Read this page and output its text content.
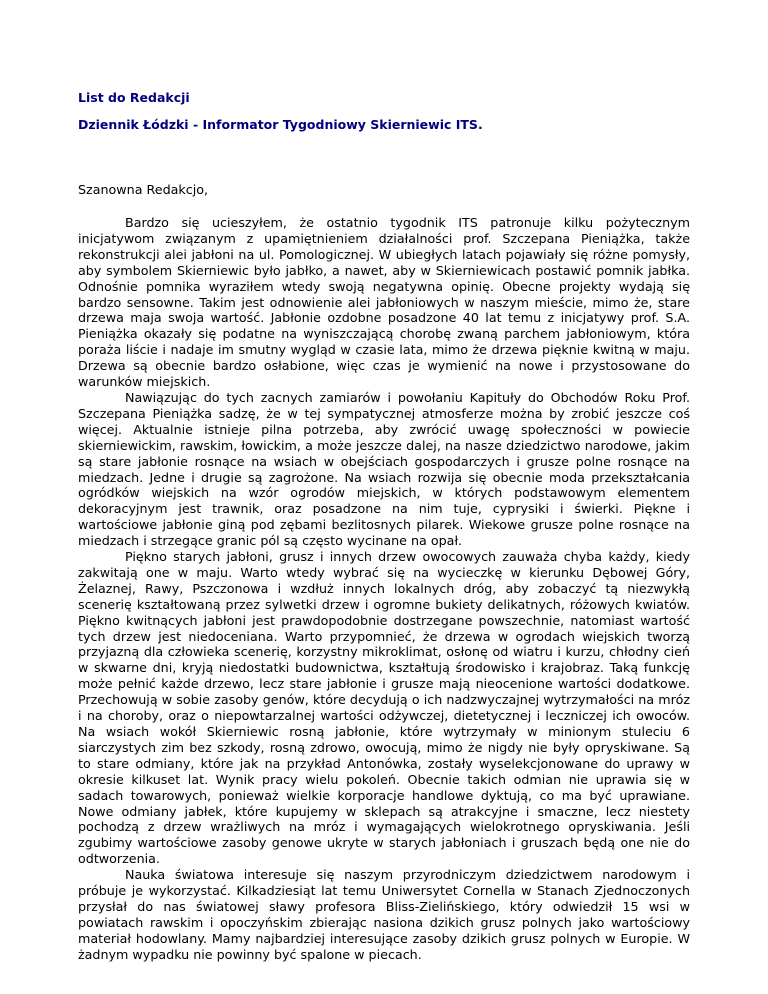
List do Redakcji

Dziennik Łódzki - Informator Tygodniowy Skierniewic ITS.

Szanowna Redakcjo,

Bardzo się ucieszyłem, że ostatnio tygodnik ITS patronuje kilku pożytecznym inicjatywom związanym z upamiętnieniem działalności prof. Szczepana Pieniążka, także rekonstrukcji alei jabłoni na ul. Pomologicznej. W ubiegłych latach pojawiały się różne pomysły, aby symbolem Skierniewic było jabłko, a nawet, aby w Skierniewicach postawić pomnik jabłka. Odnośnie pomnika wyraziłem wtedy swoją negatywna opinię. Obecne projekty wydają się bardzo sensowne. Takim jest odnowienie alei jabłoniowych w naszym mieście, mimo że, stare drzewa maja swoja wartość. Jabłonie ozdobne posadzone 40 lat temu z inicjatywy prof. S.A. Pieniążka okazały się podatne na wyniszczającą chorobę zwaną parchem jabłoniowym, która poraża liście i nadaje im smutny wygląd w czasie lata, mimo że drzewa pięknie kwitną w maju. Drzewa są obecnie bardzo osłabione, więc czas je wymienić na nowe i przystosowane do warunków miejskich.

Nawiązując do tych zacnych zamiarów i powołaniu Kapituły do Obchodów Roku Prof. Szczepana Pieniążka sadzę, że w tej sympatycznej atmosferze można by zrobić jeszcze coś więcej. Aktualnie istnieje pilna potrzeba, aby zwrócić uwagę społeczności w powiecie skierniewickim, rawskim, łowickim, a może jeszcze dalej, na nasze dziedzictwo narodowe, jakim są stare jabłonie rosnące na wsiach w obejściach gospodarczych i grusze polne rosnące na miedzach. Jedne i drugie są zagrożone. Na wsiach rozwija się obecnie moda przekształcania ogródków wiejskich na wzór ogrodów miejskich, w których podstawowym elementem dekoracyjnym jest trawnik, oraz posadzone na nim tuje, cyprysiki i świerki. Piękne i wartościowe jabłonie giną pod zębami bezlitosnych pilarek. Wiekowe grusze polne rosnące na miedzach i strzegące granic pól są często wycinane na opał.

Piękno starych jabłoni, grusz i innych drzew owocowych zauważa chyba każdy, kiedy zakwitają one w maju. Warto wtedy wybrać się na wycieczkę w kierunku Dębowej Góry, Żelaznej, Rawy, Pszczonowa i wzdłuż innych lokalnych dróg, aby zobaczyć tą niezwykłą scenerię kształtowaną przez sylwetki drzew i ogromne bukiety delikatnych, różowych kwiatów. Piękno kwitnących jabłoni jest prawdopodobnie dostrzegane powszechnie, natomiast wartość tych drzew jest niedoceniana. Warto przypomnieć, że drzewa w ogrodach wiejskich tworzą przyjazną dla człowieka scenerię, korzystny mikroklimat, osłonę od wiatru i kurzu, chłodny cień w skwarne dni, kryją niedostatki budownictwa, kształtują środowisko i krajobraz. Taką funkcję może pełnić każde drzewo, lecz stare jabłonie i grusze mają nieocenione wartości dodatkowe. Przechowują w sobie zasoby genów, które decydują o ich nadzwyczajnej wytrzymałości na mróz i na choroby, oraz o niepowtarzalnej wartości odżywczej, dietetycznej i leczniczej ich owoców. Na wsiach wokół Skierniewic rosną jabłonie, które wytrzymały w minionym stuleciu 6 siarczystych zim bez szkody, rosną zdrowo, owocują, mimo że nigdy nie były opryskiwane. Są to stare odmiany, które jak na przykład Antonówka, zostały wyselekcjonowane do uprawy w okresie kilkuset lat. Wynik pracy wielu pokoleń. Obecnie takich odmian nie uprawia się w sadach towarowych, ponieważ wielkie korporacje handlowe dyktują, co ma być uprawiane. Nowe odmiany jabłek, które kupujemy w sklepach są atrakcyjne i smaczne, lecz niestety pochodzą z drzew wrażliwych na mróz i wymagających wielokrotnego opryskiwania. Jeśli zgubimy wartościowe zasoby genowe ukryte w starych jabłoniach i gruszach będą one nie do odtworzenia.

Nauka światowa interesuje się naszym przyrodniczym dziedzictwem narodowym i próbuje je wykorzystać. Kilkadziesiąt lat temu Uniwersytet Cornella w Stanach Zjednoczonych przysłał do nas światowej sławy profesora Bliss-Zielińskiego, który odwiedził 15 wsi w powiatach rawskim i opoczyńskim zbierając nasiona dzikich grusz polnych jako wartościowy materiał hodowlany. Mamy najbardziej interesujące zasoby dzikich grusz polnych w Europie. W żadnym wypadku nie powinny być spalone w piecach.
